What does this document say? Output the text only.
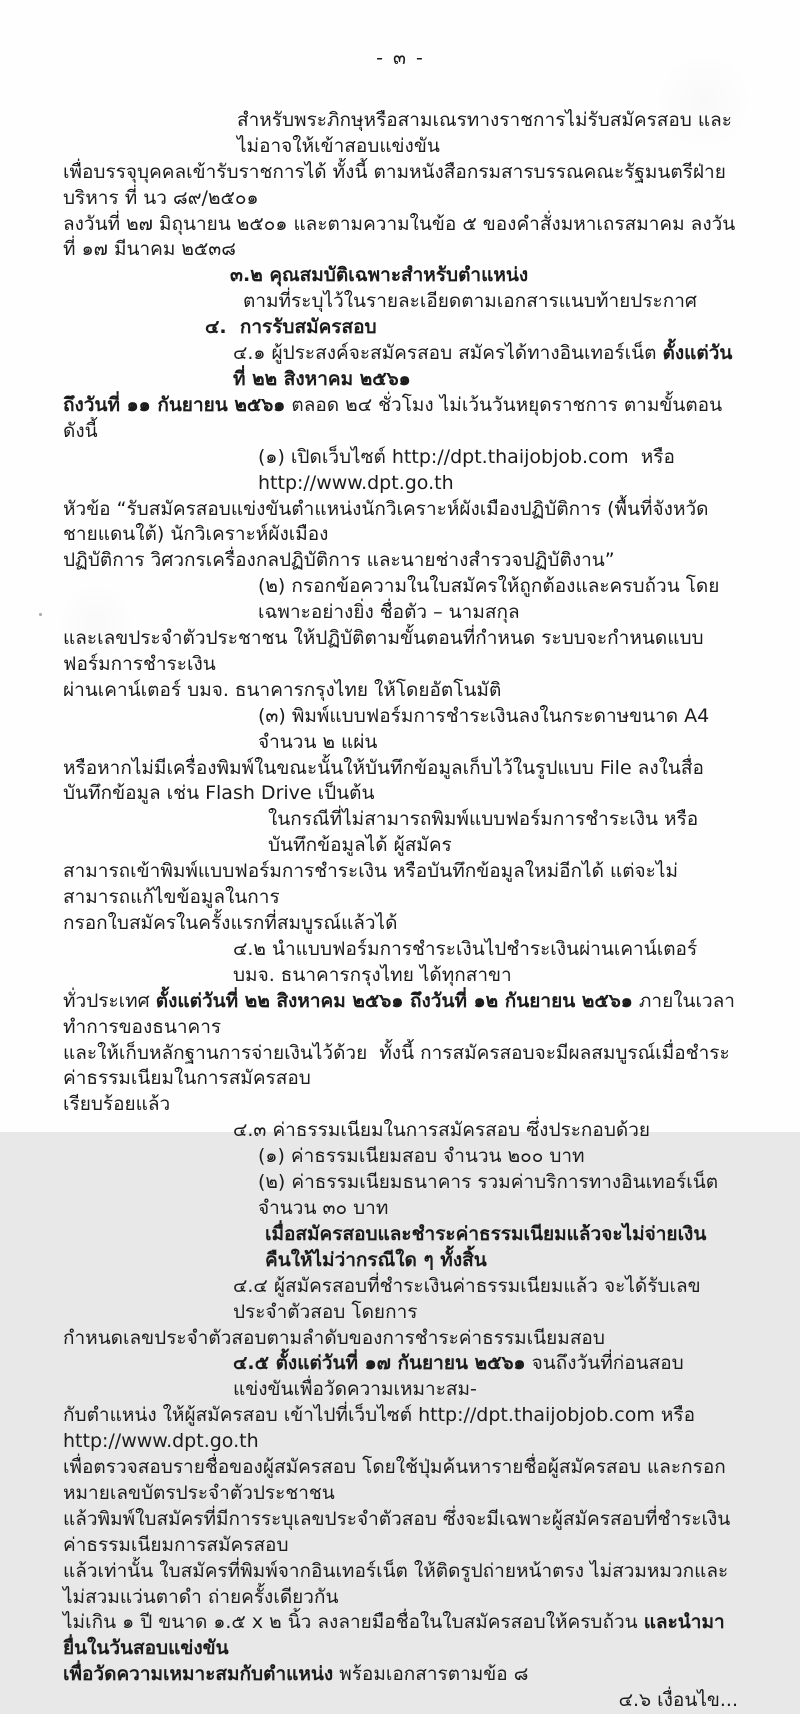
- ๓ -
สำหรับพระภิกษุหรือสามเณรทางราชการไม่รับสมัครสอบ และไม่อาจให้เข้าสอบแข่งขัน
เพื่อบรรจุบุคคลเข้ารับราชการได้ ทั้งนี้ ตามหนังสือกรมสารบรรณคณะรัฐมนตรีฝ่ายบริหาร ที่ นว ๘๙/๒๕๐๑
ลงวันที่ ๒๗ มิถุนายน ๒๕๐๑ และตามความในข้อ ๕ ของคำสั่งมหาเถรสมาคม ลงวันที่ ๑๗ มีนาคม ๒๕๓๘
๓.๒ คุณสมบัติเฉพาะสำหรับตำแหน่ง
ตามที่ระบุไว้ในรายละเอียดตามเอกสารแนบท้ายประกาศ
๔.  การรับสมัครสอบ
๔.๑ ผู้ประสงค์จะสมัครสอบ สมัครได้ทางอินเทอร์เน็ต ตั้งแต่วันที่ ๒๒ สิงหาคม ๒๕๖๑
ถึงวันที่ ๑๑ กันยายน ๒๕๖๑ ตลอด ๒๔ ชั่วโมง ไม่เว้นวันหยุดราชการ ตามขั้นตอน ดังนี้
(๑) เปิดเว็บไซต์ http://dpt.thaijobjob.com  หรือ http://www.dpt.go.th
หัวข้อ “รับสมัครสอบแข่งขันตำแหน่งนักวิเคราะห์ผังเมืองปฏิบัติการ (พื้นที่จังหวัดชายแดนใต้) นักวิเคราะห์ผังเมือง
ปฏิบัติการ วิศวกรเครื่องกลปฏิบัติการ และนายช่างสำรวจปฏิบัติงาน”
(๒) กรอกข้อความในใบสมัครให้ถูกต้องและครบถ้วน โดยเฉพาะอย่างยิ่ง ชื่อตัว – นามสกุล
และเลขประจำตัวประชาชน ให้ปฏิบัติตามขั้นตอนที่กำหนด ระบบจะกำหนดแบบฟอร์มการชำระเงิน
ผ่านเคาน์เตอร์ บมจ. ธนาคารกรุงไทย ให้โดยอัตโนมัติ
(๓) พิมพ์แบบฟอร์มการชำระเงินลงในกระดาษขนาด A4 จำนวน ๒ แผ่น
หรือหากไม่มีเครื่องพิมพ์ในขณะนั้นให้บันทึกข้อมูลเก็บไว้ในรูปแบบ File ลงในสื่อบันทึกข้อมูล เช่น Flash Drive เป็นต้น
ในกรณีที่ไม่สามารถพิมพ์แบบฟอร์มการชำระเงิน หรือบันทึกข้อมูลได้ ผู้สมัคร
สามารถเข้าพิมพ์แบบฟอร์มการชำระเงิน หรือบันทึกข้อมูลใหม่อีกได้ แต่จะไม่สามารถแก้ไขข้อมูลในการ
กรอกใบสมัครในครั้งแรกที่สมบูรณ์แล้วได้
๔.๒ นำแบบฟอร์มการชำระเงินไปชำระเงินผ่านเคาน์เตอร์ บมจ. ธนาคารกรุงไทย ได้ทุกสาขา
ทั่วประเทศ ตั้งแต่วันที่ ๒๒ สิงหาคม ๒๕๖๑ ถึงวันที่ ๑๒ กันยายน ๒๕๖๑ ภายในเวลาทำการของธนาคาร
และให้เก็บหลักฐานการจ่ายเงินไว้ด้วย  ทั้งนี้ การสมัครสอบจะมีผลสมบูรณ์เมื่อชำระค่าธรรมเนียมในการสมัครสอบ
เรียบร้อยแล้ว
๔.๓ ค่าธรรมเนียมในการสมัครสอบ ซึ่งประกอบด้วย
(๑) ค่าธรรมเนียมสอบ จำนวน ๒๐๐ บาท
(๒) ค่าธรรมเนียมธนาคาร รวมค่าบริการทางอินเทอร์เน็ต จำนวน ๓๐ บาท
เมื่อสมัครสอบและชำระค่าธรรมเนียมแล้วจะไม่จ่ายเงินคืนให้ไม่ว่ากรณีใด ๆ ทั้งสิ้น
๔.๔ ผู้สมัครสอบที่ชำระเงินค่าธรรมเนียมแล้ว จะได้รับเลขประจำตัวสอบ โดยการ
กำหนดเลขประจำตัวสอบตามลำดับของการชำระค่าธรรมเนียมสอบ
๔.๕ ตั้งแต่วันที่ ๑๗ กันยายน ๒๕๖๑ จนถึงวันที่ก่อนสอบแข่งขันเพื่อวัดความเหมาะสม-
กับตำแหน่ง ให้ผู้สมัครสอบ เข้าไปที่เว็บไซต์ http://dpt.thaijobjob.com หรือ http://www.dpt.go.th
เพื่อตรวจสอบรายชื่อของผู้สมัครสอบ โดยใช้ปุ่มค้นหารายชื่อผู้สมัครสอบ และกรอกหมายเลขบัตรประจำตัวประชาชน
แล้วพิมพ์ใบสมัครที่มีการระบุเลขประจำตัวสอบ ซึ่งจะมีเฉพาะผู้สมัครสอบที่ชำระเงินค่าธรรมเนียมการสมัครสอบ
แล้วเท่านั้น ใบสมัครที่พิมพ์จากอินเทอร์เน็ต ให้ติดรูปถ่ายหน้าตรง ไม่สวมหมวกและไม่สวมแว่นตาดำ ถ่ายครั้งเดียวกัน
ไม่เกิน ๑ ปี ขนาด ๑.๕ x ๒ นิ้ว ลงลายมือชื่อในใบสมัครสอบให้ครบถ้วน และนำมายื่นในวันสอบแข่งขัน
เพื่อวัดความเหมาะสมกับตำแหน่ง พร้อมเอกสารตามข้อ ๘
๔.๖ เงื่อนไข...
